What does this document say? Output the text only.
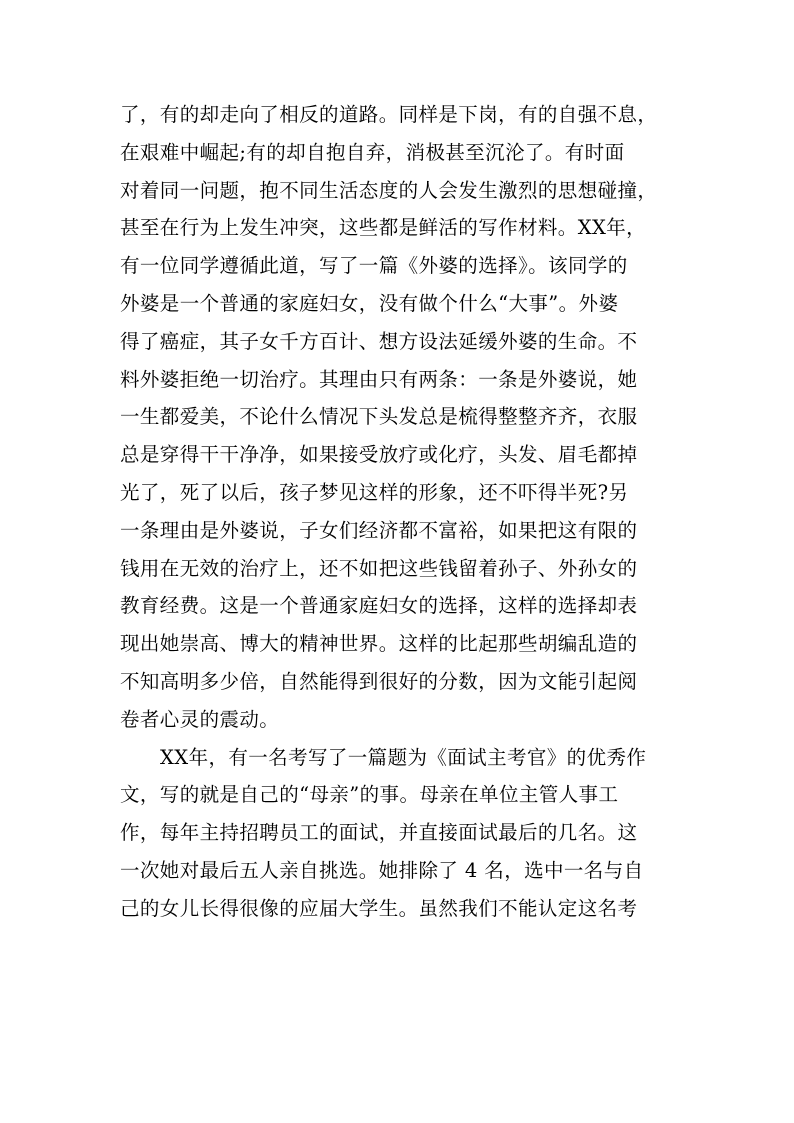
了，有的却走向了相反的道路。同样是下岗，有的自强不息，
在艰难中崛起;有的却自抱自弃，消极甚至沉沦了。有时面
对着同一问题，抱不同生活态度的人会发生激烈的思想碰撞，
甚至在行为上发生冲突，这些都是鲜活的写作材料。XX年，
有一位同学遵循此道，写了一篇《外婆的选择》。该同学的
外婆是一个普通的家庭妇女，没有做个什么“大事”。外婆
得了癌症，其子女千方百计、想方设法延缓外婆的生命。不
料外婆拒绝一切治疗。其理由只有两条：一条是外婆说，她
一生都爱美，不论什么情况下头发总是梳得整整齐齐，衣服
总是穿得干干净净，如果接受放疗或化疗，头发、眉毛都掉
光了，死了以后，孩子梦见这样的形象，还不吓得半死?另
一条理由是外婆说，子女们经济都不富裕，如果把这有限的
钱用在无效的治疗上，还不如把这些钱留着孙子、外孙女的
教育经费。这是一个普通家庭妇女的选择，这样的选择却表
现出她崇高、博大的精神世界。这样的比起那些胡编乱造的
不知高明多少倍，自然能得到很好的分数，因为文能引起阅
卷者心灵的震动。
XX年，有一名考写了一篇题为《面试主考官》的优秀作
文，写的就是自己的“母亲”的事。母亲在单位主管人事工
作，每年主持招聘员工的面试，并直接面试最后的几名。这
一次她对最后五人亲自挑选。她排除了 4 名，选中一名与自
己的女儿长得很像的应届大学生。虽然我们不能认定这名考
